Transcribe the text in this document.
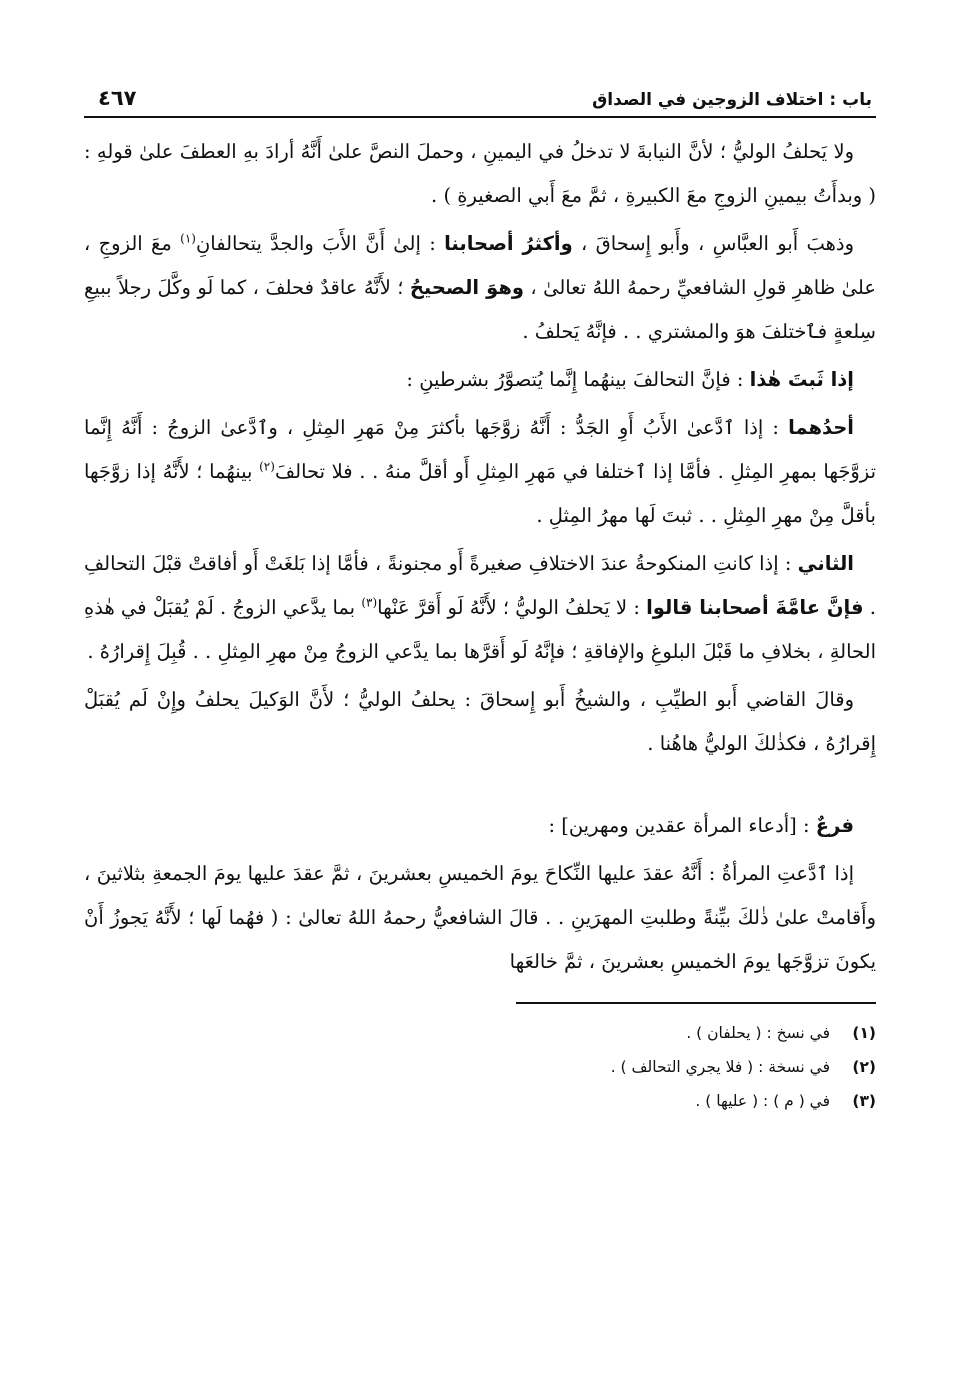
باب : اختلاف الزوجين في الصداق
٤٦٧

ولا يَحلفُ الوليُّ ؛ لأنَّ النيابةَ لا تدخلُ في اليمينِ ، وحملَ النصَّ علىٰ أَنَّهُ أرادَ بهِ العطفَ علىٰ قولهِ : ( وبدأَتُ بيمينِ الزوجِ معَ الكبيرةِ ، ثمَّ معَ أَبي الصغيرةِ ) .

وذهبَ أَبو العبَّاسِ ، وأَبو إِسحاقَ ، وأكثرُ أصحابنا : إلىٰ أَنَّ الأَبَ والجدَّ يتحالفانِ$^{(١)}$ معَ الزوجِ ، علىٰ ظاهرِ قولِ الشافعيِّ رحمهُ اللهُ تعالىٰ ، وهوَ الصحيحُ ؛ لأَنَّهُ عاقدٌ فحلفَ ، كما لَو وكَّلَ رجلاً ببيعِ سِلعةٍ فٱختلفَ هوَ والمشتري . . فإنَّهُ يَحلفُ .

إذا ثَبتَ هٰذا : فإنَّ التحالفَ بينهُما إِنَّما يُتصوَّرُ بشرطينِ :

أحدُهما : إذا ٱدَّعىٰ الأَبُ أَوِ الجَدُّ : أَنَّهُ زوَّجَها بأكثرَ مِنْ مَهرِ المِثلِ ، وٱدَّعىٰ الزوجُ : أَنَّهُ إِنَّما تزوَّجَها بمهرِ المِثلِ . فأمَّا إذا ٱختلفا في مَهرِ المِثلِ أَو أقلَّ منهُ . . فلا تحالفَ$^{(٢)}$ بينهُما ؛ لأَنَّهُ إذا زوَّجَها بأقلَّ مِنْ مهرِ المِثلِ . . ثبتَ لَها مهرُ المِثلِ .

الثاني : إذا كانتِ المنكوحةُ عندَ الاختلافِ صغيرةً أَو مجنونةً ، فأمَّا إذا بَلغَتْ أَو أفاقتْ قبْلَ التحالفِ . فإنَّ عامَّةَ أصحابنا قالوا : لا يَحلفُ الوليُّ ؛ لأَنَّهُ لَو أَقرَّ عَنْها$^{(٣)}$ بما يدَّعي الزوجُ . لَمْ يُقبَلْ في هٰذهِ الحالةِ ، بخلافِ ما قَبْلَ البلوغِ والإفاقةِ ؛ فإنَّهُ لَو أَقرَّها بما يدَّعي الزوجُ مِنْ مهرِ المِثلِ . . قُبِلَ إِقرارُهُ .

وقالَ القاضي أَبو الطيِّبِ ، والشيخُ أَبو إِسحاقَ : يحلفُ الوليُّ ؛ لأَنَّ الوَكيلَ يحلفُ وإِنْ لَم يُقبَلْ إِقرارُهُ ، فكذٰلكَ الوليُّ هاهُنا .

فرعٌ : [أدعاء المرأة عقدين ومهرين] :

إذا ٱدَّعتِ المرأةُ : أَنَّهُ عقدَ عليها النِّكاحَ يومَ الخميسِ بعشرينَ ، ثمَّ عقدَ عليها يومَ الجمعةِ بثلاثينَ ، وأَقامتْ علىٰ ذٰلكَ بيِّنةً وطلبتِ المهرَينِ . . قالَ الشافعيُّ رحمهُ اللهُ تعالىٰ : ( فهُما لَها ؛ لأَنَّهُ يَجوزُ أَنْ يكونَ تزوَّجَها يومَ الخميسِ بعشرينَ ، ثمَّ خالعَها

(١)في نسخ : ( يحلفان ) .
(٢)في نسخة : ( فلا يجري التحالف ) .
(٣)في ( م ) : ( عليها ) .
